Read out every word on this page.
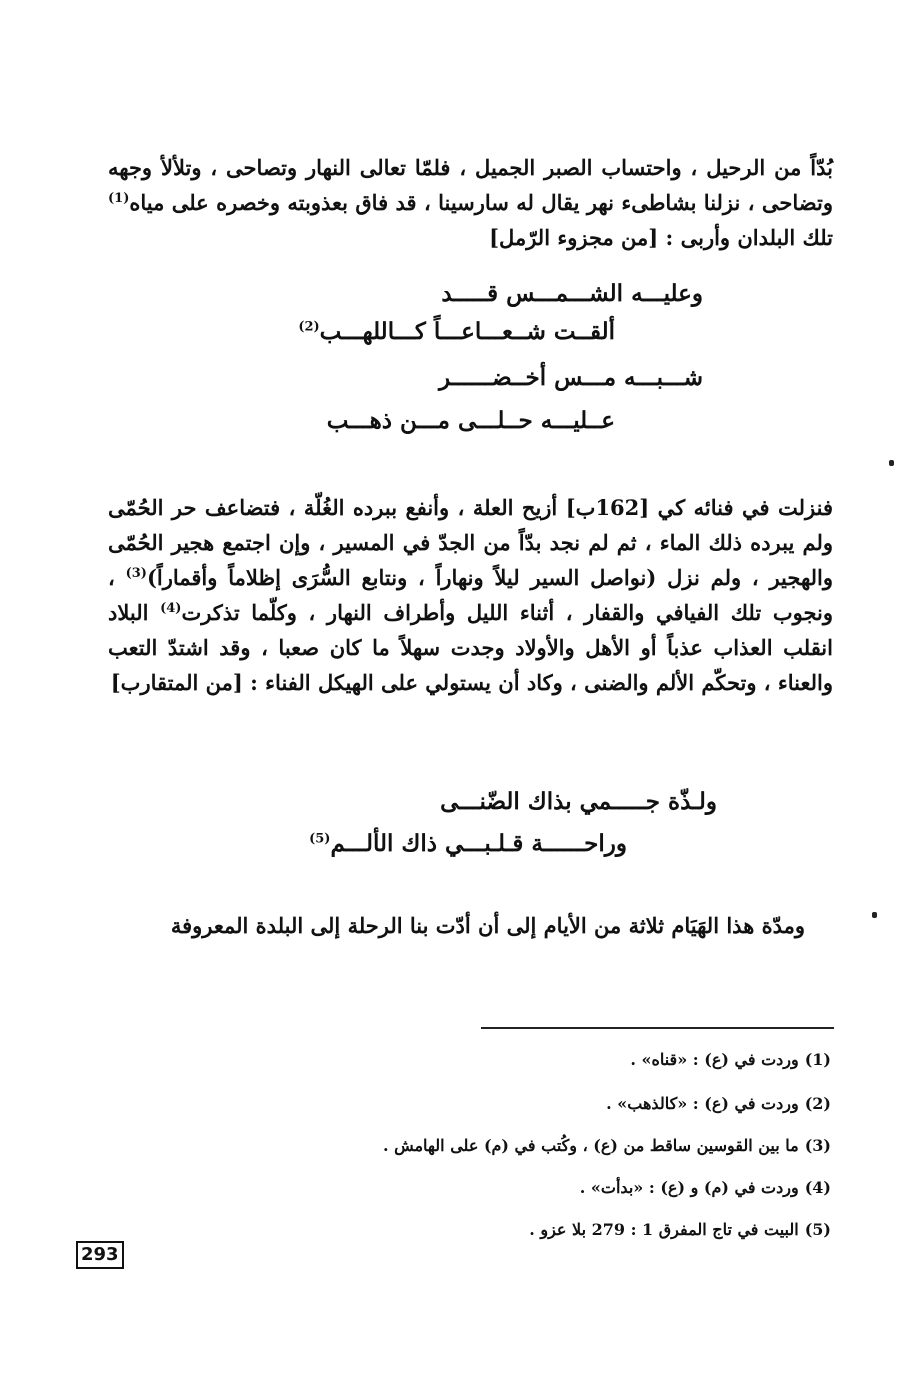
بُدّاً من الرحيل ، واحتساب الصبر الجميل ، فلمّا تعالى النهار وتصاحى ، وتلألأ وجهه وتضاحى ، نزلنا بشاطىء نهر يقال له سارسينا ، قد فاق بعذوبته وخصره على مياه$^{(1)}$ تلك البلدان وأربى : [من مجزوء الرّمل]

وعليـــه الشـــمـــس قـــــد
ألقــت شــعـــاعـــاً كـــاللهـــب$^{(2)}$
شـــبـــه مـــس أخــضــــــر
عــليـــه حــلـــى مـــن ذهـــب

فنزلت في فنائه كي [162ب] أزيح العلة ، وأنفع ببرده الغُلّة ، فتضاعف حر الحُمّى ولم يبرده ذلك الماء ، ثم لم نجد بدّاً من الجدّ في المسير ، وإن اجتمع هجير الحُمّى والهجير ، ولم نزل (نواصل السير ليلاً ونهاراً ، ونتابع السُّرَى إظلاماً وأقماراً)$^{(3)}$ ، ونجوب تلك الفيافي والقفار ، أثناء الليل وأطراف النهار ، وكلّما تذكرت$^{(4)}$ البلاد انقلب العذاب عذباً أو الأهل والأولاد وجدت سهلاً ما كان صعبا ، وقد اشتدّ التعب والعناء ، وتحكّم الألم والضنى ، وكاد أن يستولي على الهيكل الفناء : [من المتقارب]

ولـذّة جـــــمي بذاك الضّنـــى
وراحــــــة قـلـبـــي ذاك الألـــم$^{(5)}$

ومدّة هذا الهَيَام ثلاثة من الأيام إلى أن أدّت بنا الرحلة إلى البلدة المعروفة

(1)وردت في (ع) : «قناه» .
(2)وردت في (ع) : «كالذهب» .
(3)ما بين القوسين ساقط من (ع) ، وكُتب في (م) على الهامش .
(4)وردت في (م) و (ع) : «بدأت» .
(5)البيت في تاج المفرق 1 : 279 بلا عزو .
293
